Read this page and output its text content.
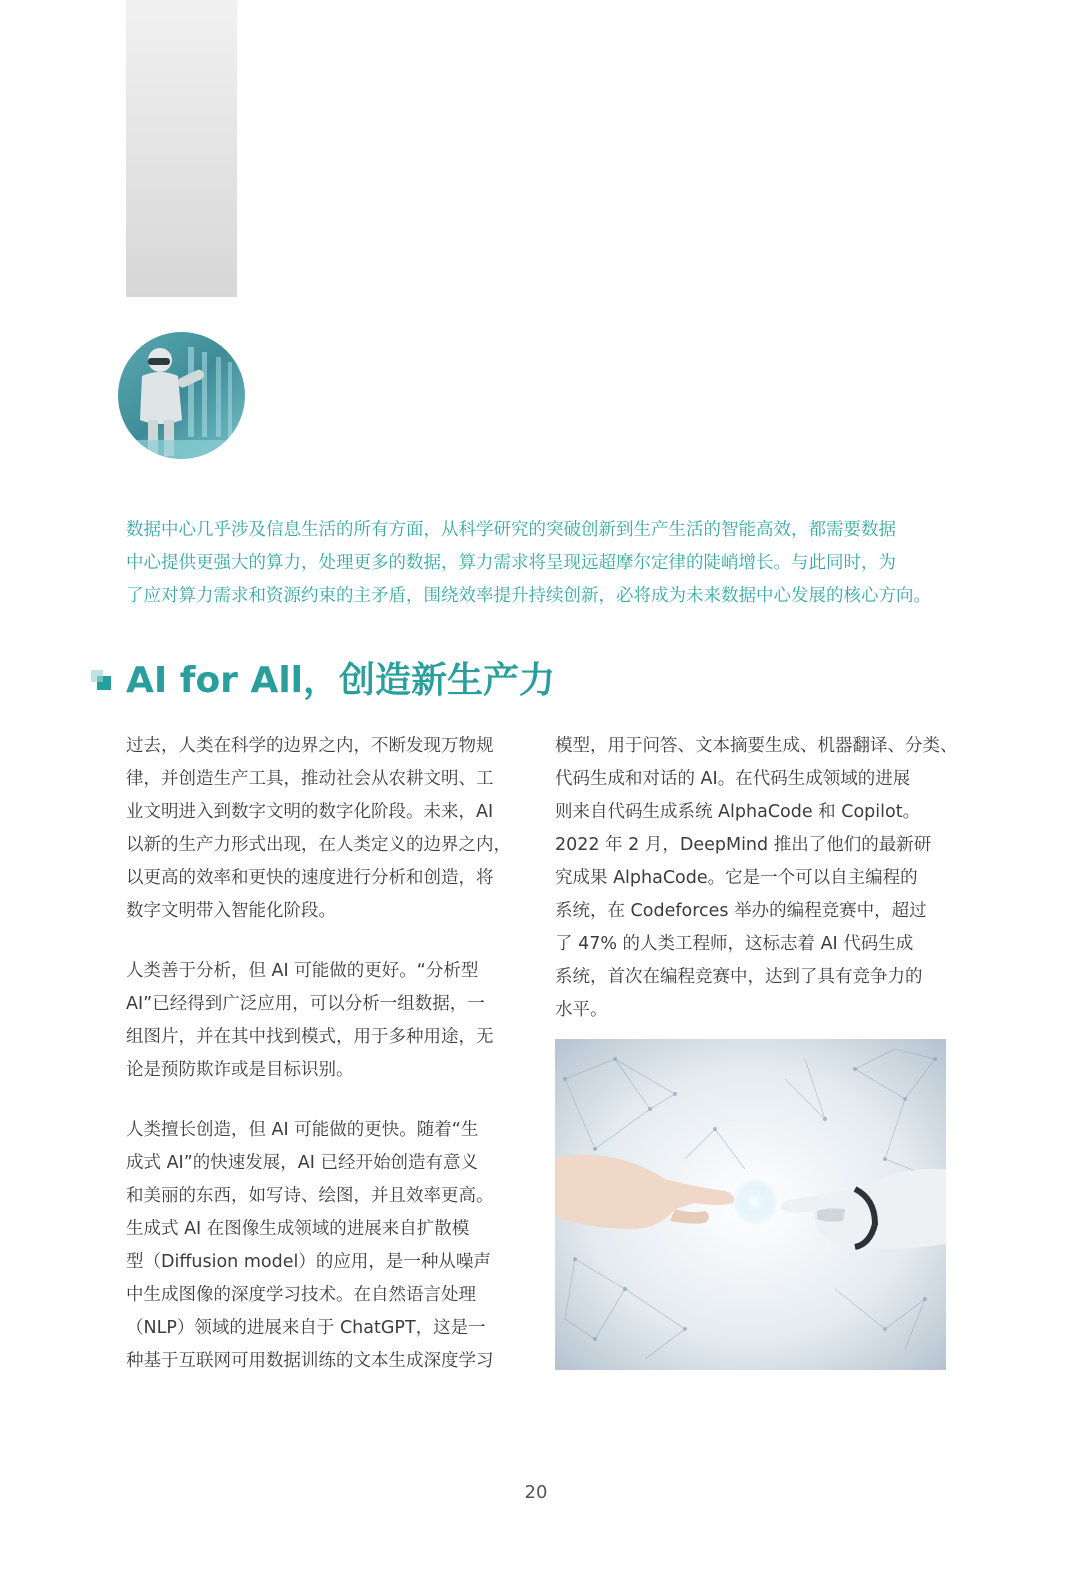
数据中心几乎涉及信息生活的所有方面，从科学研究的突破创新到生产生活的智能高效，都需要数据
中心提供更强大的算力，处理更多的数据，算力需求将呈现远超摩尔定律的陡峭增长。与此同时，为
了应对算力需求和资源约束的主矛盾，围绕效率提升持续创新，必将成为未来数据中心发展的核心方向。

AI for All，创造新生产力

过去，人类在科学的边界之内，不断发现万物规
律，并创造生产工具，推动社会从农耕文明、工
业文明进入到数字文明的数字化阶段。未来，AI
以新的生产力形式出现，在人类定义的边界之内，
以更高的效率和更快的速度进行分析和创造，将
数字文明带入智能化阶段。

人类善于分析，但 AI 可能做的更好。“分析型
AI”已经得到广泛应用，可以分析一组数据，一
组图片，并在其中找到模式，用于多种用途，无
论是预防欺诈或是目标识别。

人类擅长创造，但 AI 可能做的更快。随着“生
成式 AI”的快速发展，AI 已经开始创造有意义
和美丽的东西，如写诗、绘图，并且效率更高。
生成式 AI 在图像生成领域的进展来自扩散模
型（Diffusion model）的应用，是一种从噪声
中生成图像的深度学习技术。在自然语言处理
（NLP）领域的进展来自于 ChatGPT，这是一
种基于互联网可用数据训练的文本生成深度学习

模型，用于问答、文本摘要生成、机器翻译、分类、
代码生成和对话的 AI。在代码生成领域的进展
则来自代码生成系统 AlphaCode 和 Copilot。
2022 年 2 月，DeepMind 推出了他们的最新研
究成果 AlphaCode。它是一个可以自主编程的
系统，在 Codeforces 举办的编程竞赛中，超过
了 47% 的人类工程师，这标志着 AI 代码生成
系统，首次在编程竞赛中，达到了具有竞争力的
水平。

20
